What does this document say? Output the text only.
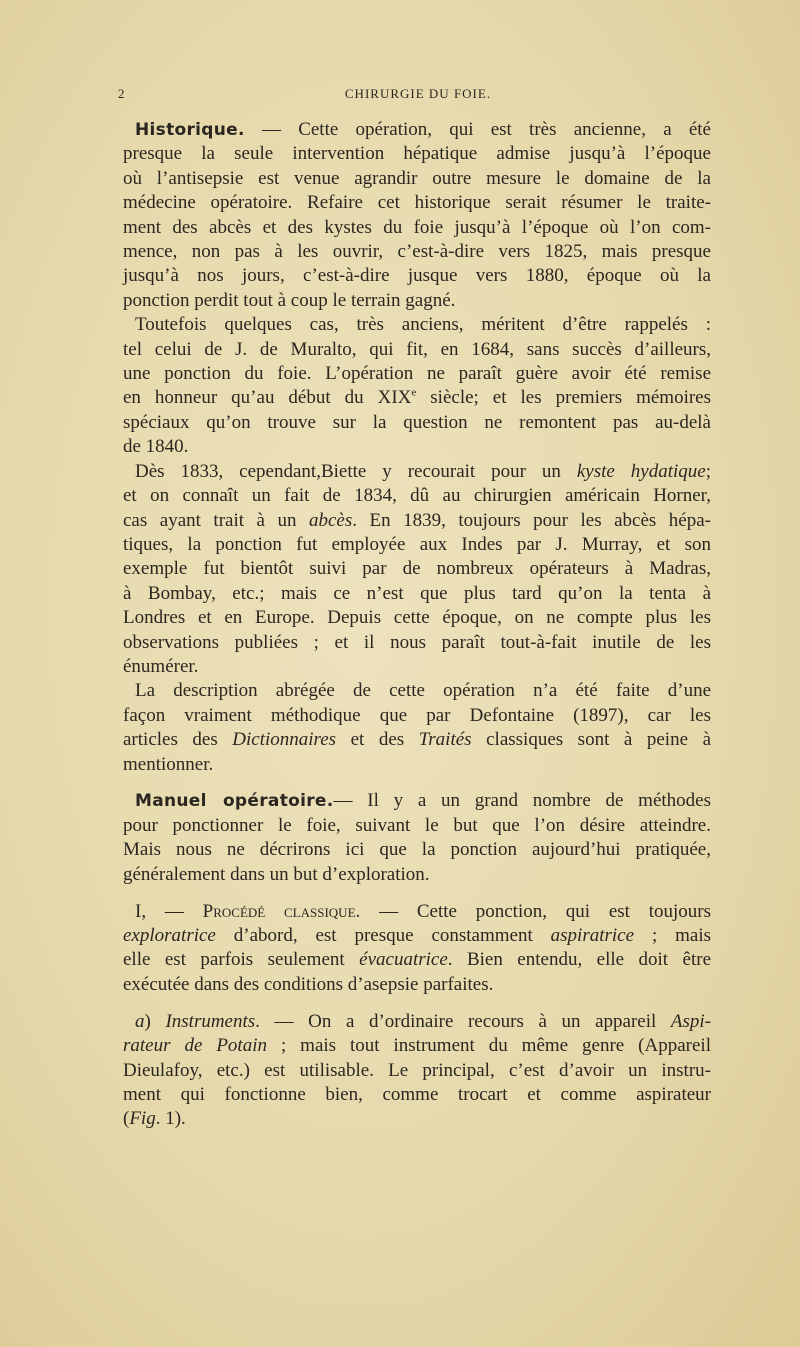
2	CHIRURGIE DU FOIE.
Historique. — Cette opération, qui est très ancienne, a été
presque la seule intervention hépatique admise jusqu’à l’époque
où l’antisepsie est venue agrandir outre mesure le domaine de la
médecine opératoire. Refaire cet historique serait résumer le traite-
ment des abcès et des kystes du foie jusqu’à l’époque où l’on com-
mence, non pas à les ouvrir, c’est-à-dire vers 1825, mais presque
jusqu’à nos jours, c’est-à-dire jusque vers 1880, époque où la
ponction perdit tout à coup le terrain gagné.
Toutefois quelques cas, très anciens, méritent d’être rappelés :
tel celui de J. de Muralto, qui fit, en 1684, sans succès d’ailleurs,
une ponction du foie. L’opération ne paraît guère avoir été remise
en honneur qu’au début du XIXe siècle; et les premiers mémoires
spéciaux qu’on trouve sur la question ne remontent pas au-delà
de 1840.
Dès 1833, cependant,Biette y recourait pour un kyste hydatique;
et on connaît un fait de 1834, dû au chirurgien américain Horner,
cas ayant trait à un abcès. En 1839, toujours pour les abcès hépa-
tiques, la ponction fut employée aux Indes par J. Murray, et son
exemple fut bientôt suivi par de nombreux opérateurs à Madras,
à Bombay, etc.; mais ce n’est que plus tard qu’on la tenta à
Londres et en Europe. Depuis cette époque, on ne compte plus les
observations publiées ; et il nous paraît tout-à-fait inutile de les
énumérer.
La description abrégée de cette opération n’a été faite d’une
façon vraiment méthodique que par Defontaine (1897), car les
articles des Dictionnaires et des Traités classiques sont à peine à
mentionner.
Manuel opératoire.— Il y a un grand nombre de méthodes
pour ponctionner le foie, suivant le but que l’on désire atteindre.
Mais nous ne décrirons ici que la ponction aujourd’hui pratiquée,
généralement dans un but d’exploration.
I, — Procédé classique. — Cette ponction, qui est toujours
exploratrice d’abord, est presque constamment aspiratrice ; mais
elle est parfois seulement évacuatrice. Bien entendu, elle doit être
exécutée dans des conditions d’asepsie parfaites.
a) Instruments. — On a d’ordinaire recours à un appareil Aspi-
rateur de Potain ; mais tout instrument du même genre (Appareil
Dieulafoy, etc.) est utilisable. Le principal, c’est d’avoir un instru-
ment qui fonctionne bien, comme trocart et comme aspirateur
(Fig. 1).
